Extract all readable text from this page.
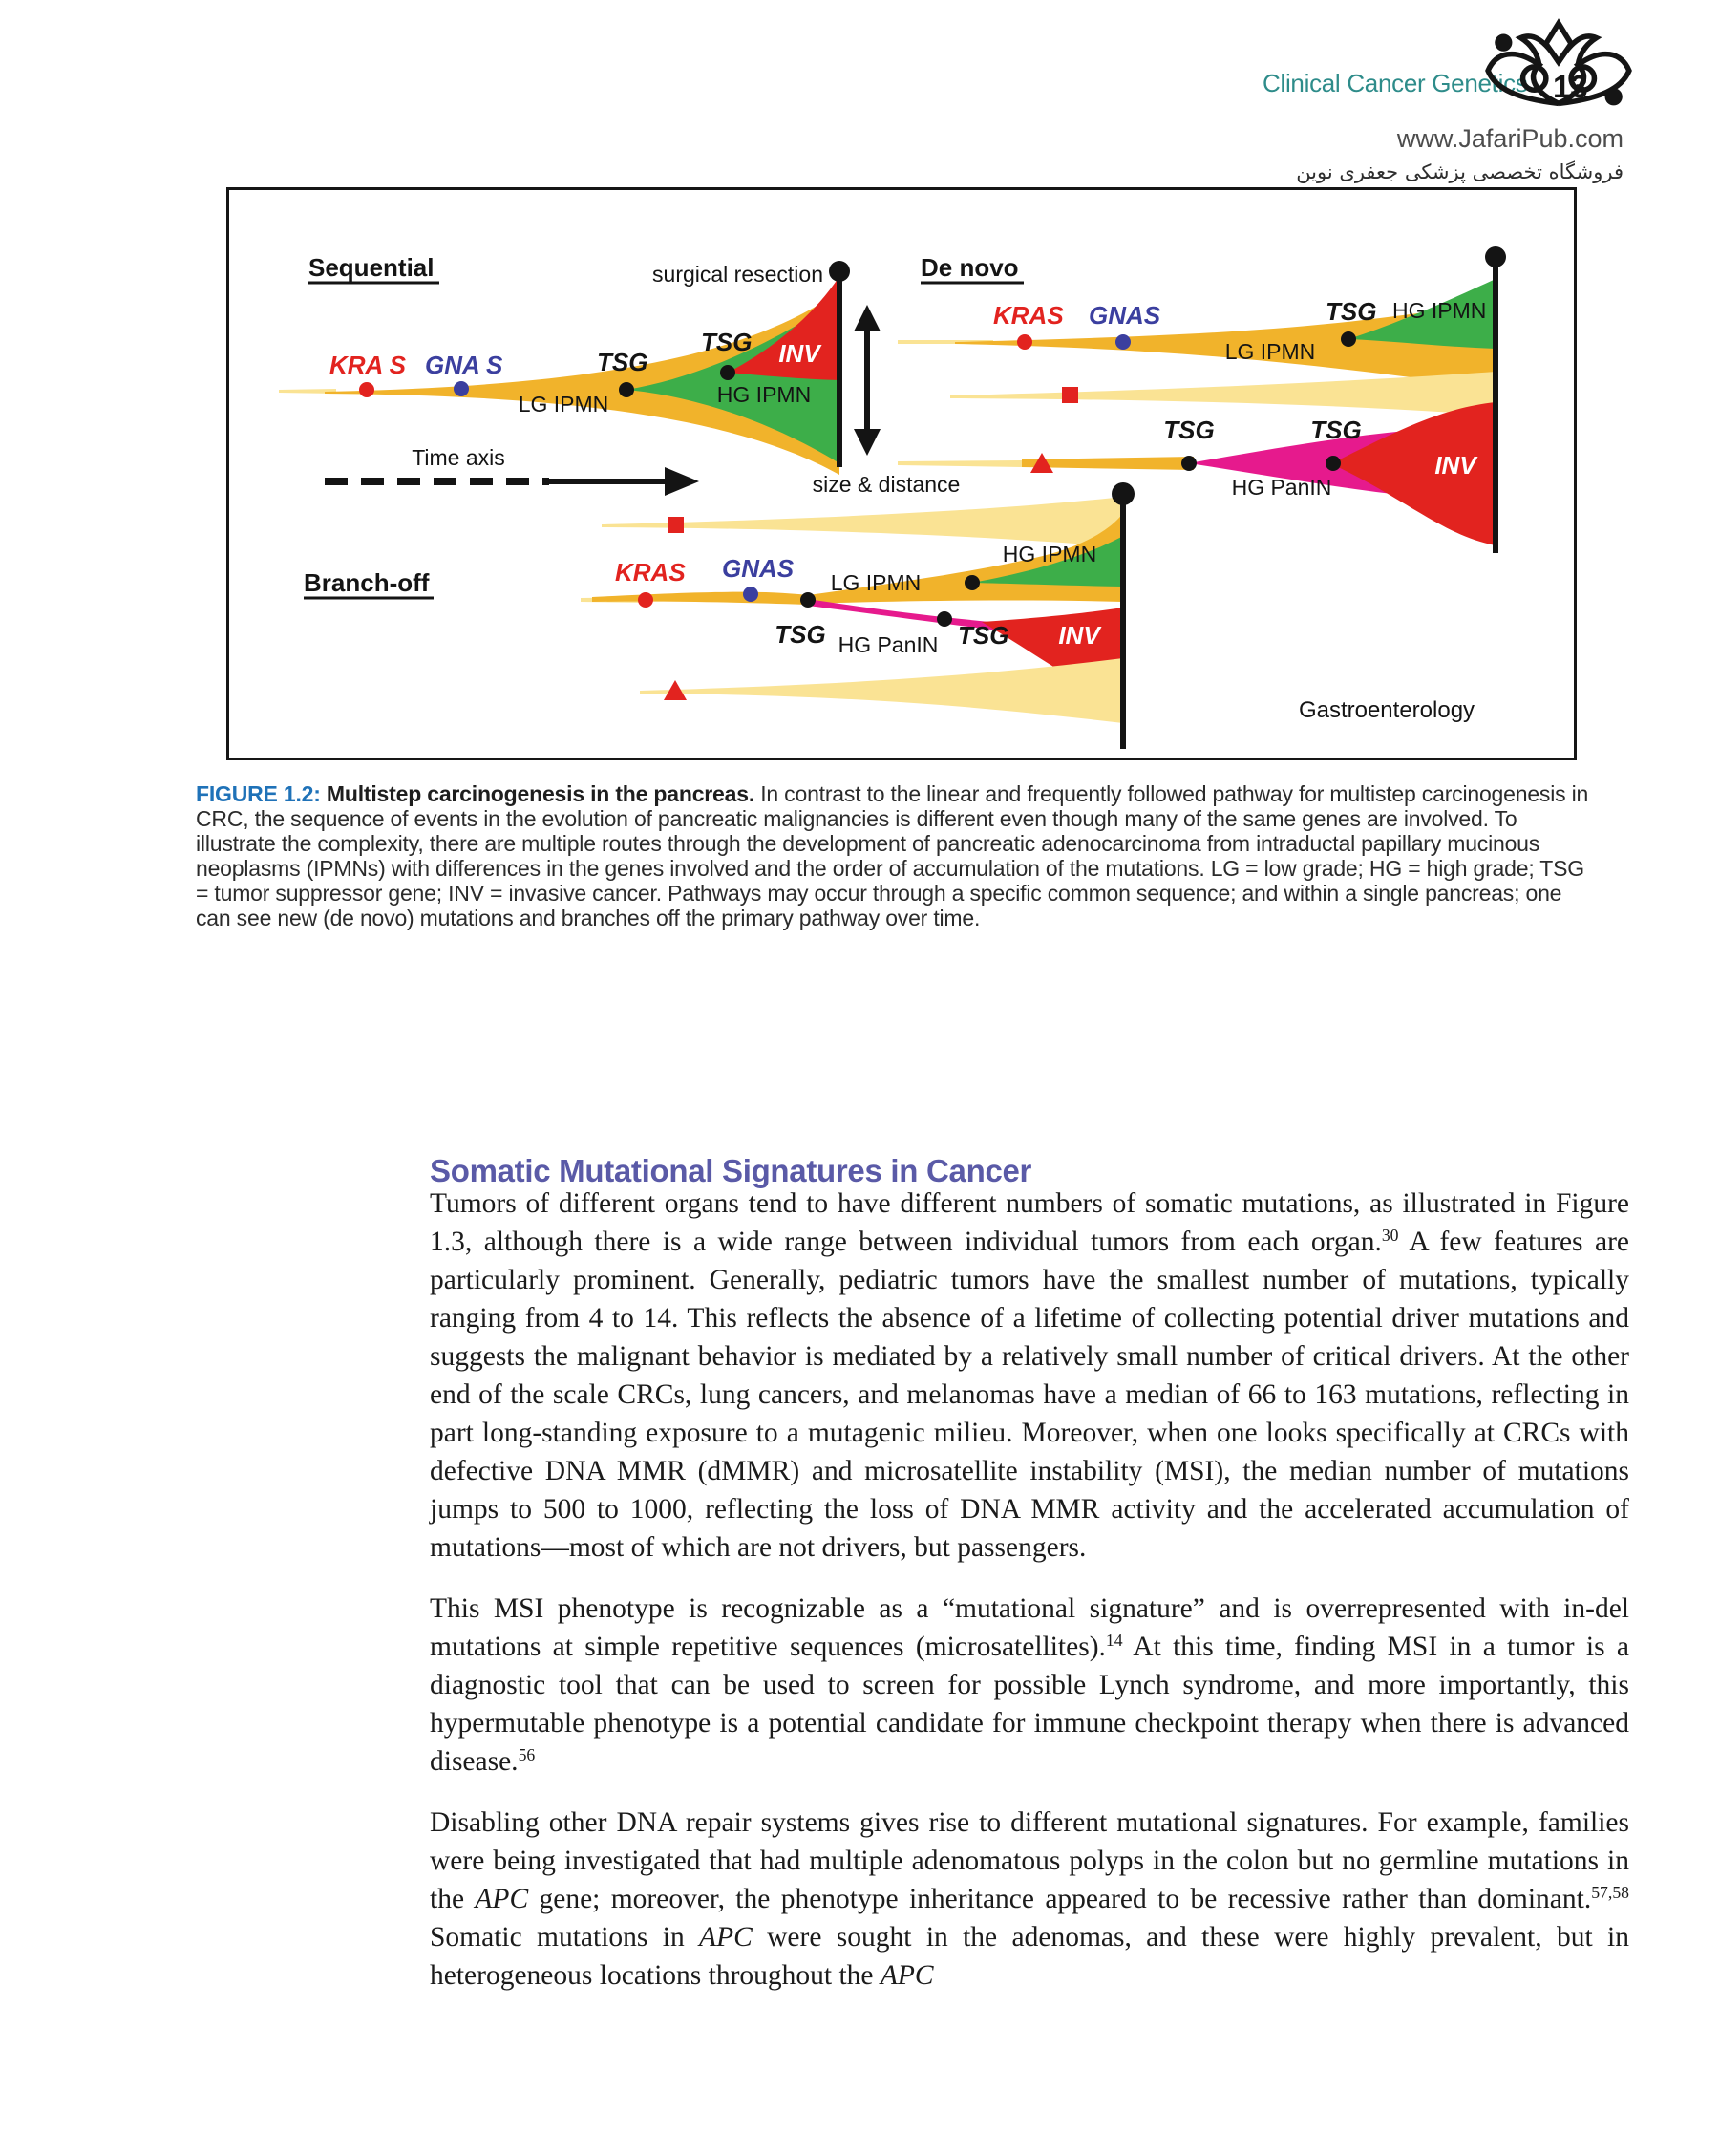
Clinical Cancer Genetics 13
www.JafariPub.com
فروشگاه تخصصی پزشکی جعفری نوین
Sequential	surgical resection
KRA S GNA S	TSG
LG IPMN
TSG
HG IPMN
INV
size & distance
Time axis
De novo
KRAS GNAS
LG IPMN
TSG HG IPMN
TSG	TSG
HG PanIN
INV
Branch-off	KRAS GNAS
TSG
LG IPMN
HG IPMN
TSG
HG PanIN	INV
Gastroenterology
FIGURE 1.2: Multistep carcinogenesis in the pancreas. In contrast to the linear and frequently followed pathway for multistep carcinogenesis in CRC, the sequence of events in the evolution of pancreatic malignancies is different even though many of the same genes are involved. To illustrate the complexity, there are multiple routes through the development of pancreatic adenocarcinoma from intraductal papillary mucinous neoplasms (IPMNs) with differences in the genes involved and the order of accumulation of the mutations. LG = low grade; HG = high grade; TSG = tumor suppressor gene; INV = invasive cancer. Pathways may occur through a specific common sequence; and within a single pancreas; one can see new (de novo) mutations and branches off the primary pathway over time.
Somatic Mutational Signatures in Cancer

Tumors of different organs tend to have different numbers of somatic mutations, as illustrated in Figure 1.3, although there is a wide range between individual tumors from each organ.$^{30}$ A few features are particularly prominent. Generally, pediatric tumors have the smallest number of mutations, typically ranging from 4 to 14. This reflects the absence of a lifetime of collecting potential driver mutations and suggests the malignant behavior is mediated by a relatively small number of critical drivers. At the other end of the scale CRCs, lung cancers, and melanomas have a median of 66 to 163 mutations, reflecting in part long-standing exposure to a mutagenic milieu. Moreover, when one looks specifically at CRCs with defective DNA MMR (dMMR) and microsatellite instability (MSI), the median number of mutations jumps to 500 to 1000, reflecting the loss of DNA MMR activity and the accelerated accumulation of mutations—most of which are not drivers, but passengers.

This MSI phenotype is recognizable as a “mutational signature” and is overrepresented with in-del mutations at simple repetitive sequences (microsatellites).$^{14}$ At this time, finding MSI in a tumor is a diagnostic tool that can be used to screen for possible Lynch syndrome, and more importantly, this hypermutable phenotype is a potential candidate for immune checkpoint therapy when there is advanced disease.$^{56}$

Disabling other DNA repair systems gives rise to different mutational signatures. For example, families were being investigated that had multiple adenomatous polyps in the colon but no germline mutations in the APC gene; moreover, the phenotype inheritance appeared to be recessive rather than dominant.$^{57,58}$ Somatic mutations in APC were sought in the adenomas, and these were highly prevalent, but in heterogeneous locations throughout the APC
